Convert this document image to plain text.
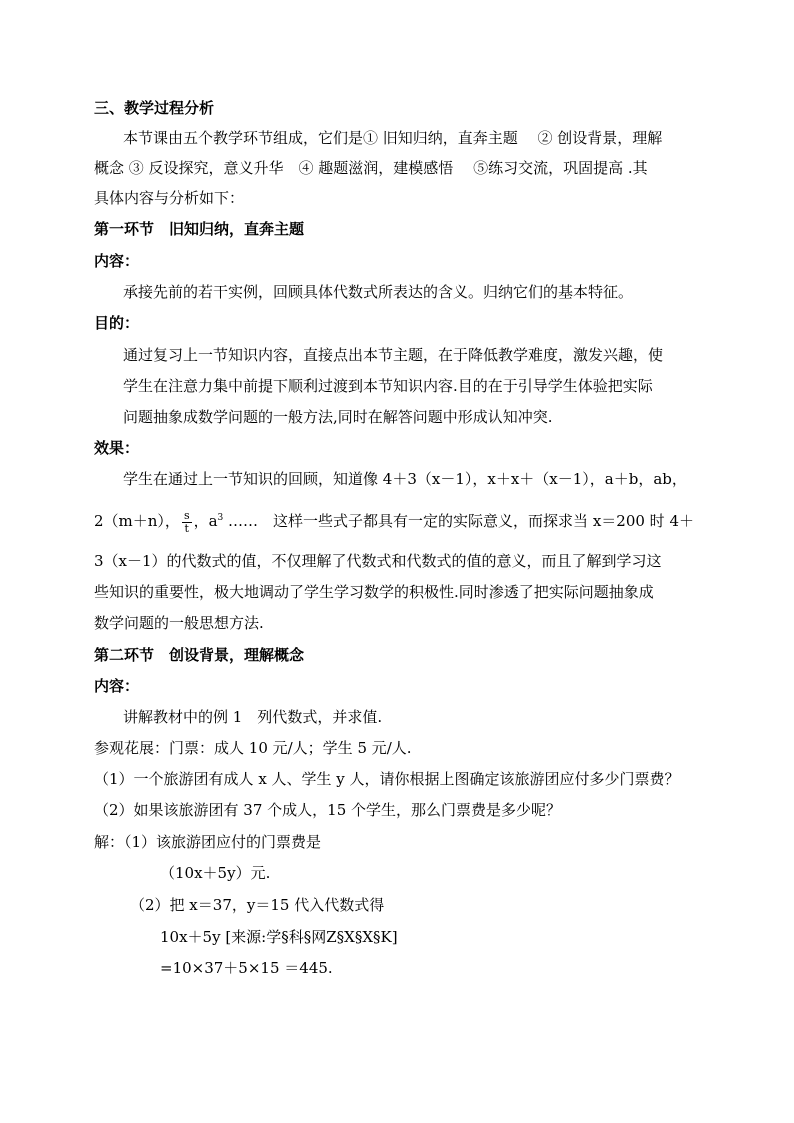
三、教学过程分析
本节课由五个教学环节组成，它们是① 旧知归纳，直奔主题　 ② 创设背景，理解
概念 ③ 反设探究，意义升华　④ 趣题滋润，建模感悟　 ⑤练习交流，巩固提高 .其
具体内容与分析如下：
第一环节　旧知归纳，直奔主题
内容：
承接先前的若干实例，回顾具体代数式所表达的含义。归纳它们的基本特征。
目的：
通过复习上一节知识内容，直接点出本节主题，在于降低教学难度，激发兴趣，使
学生在注意力集中前提下顺利过渡到本节知识内容.目的在于引导学生体验把实际
问题抽象成数学问题的一般方法,同时在解答问题中形成认知冲突.
效果：
学生在通过上一节知识的回顾，知道像 4＋3（x－1），x＋x＋（x－1），a＋b，ab，
2（m＋n）， $\frac{s}{t}$ ，$a^3$ ……　这样一些式子都具有一定的实际意义，而探求当 x＝200 时 4＋
3（x－1）的代数式的值，不仅理解了代数式和代数式的值的意义，而且了解到学习这
些知识的重要性，极大地调动了学生学习数学的积极性.同时渗透了把实际问题抽象成
数学问题的一般思想方法.
第二环节　创设背景，理解概念
内容：
讲解教材中的例 1　列代数式，并求值.
参观花展：门票：成人 10 元/人；学生 5 元/人.
（1）一个旅游团有成人 x 人、学生 y 人，请你根据上图确定该旅游团应付多少门票费？
（2）如果该旅游团有 37 个成人，15 个学生，那么门票费是多少呢？
解：（1）该旅游团应付的门票费是
（10x＋5y）元.
（2）把 x＝37，y＝15 代入代数式得
10x＋5y [来源:学§科§网Z§X§X§K]
=10×37＋5×15 ＝445.
